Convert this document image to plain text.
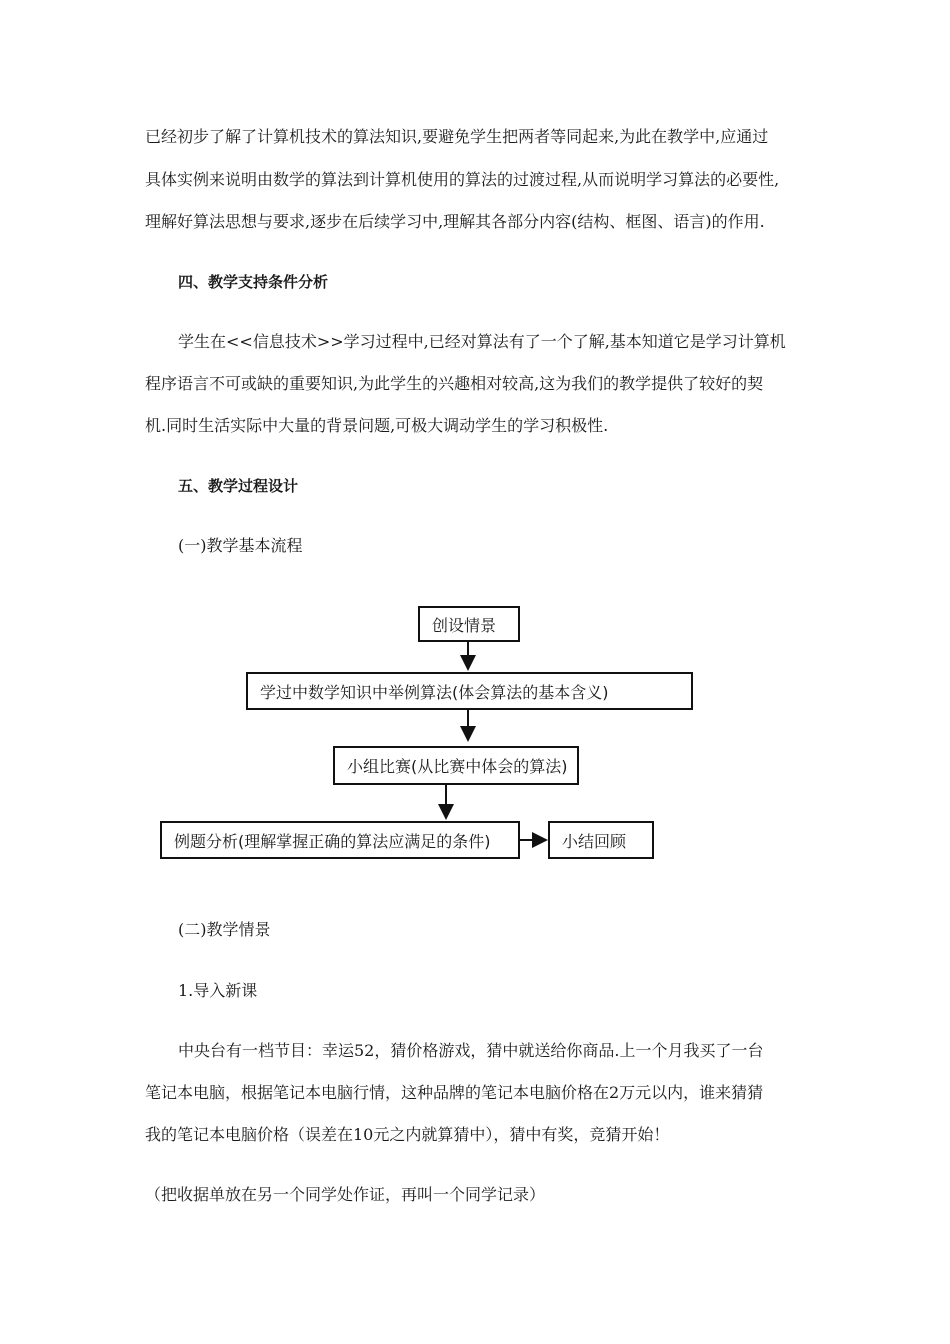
已经初步了解了计算机技术的算法知识,要避免学生把两者等同起来,为此在教学中,应通过
具体实例来说明由数学的算法到计算机使用的算法的过渡过程,从而说明学习算法的必要性,
理解好算法思想与要求,逐步在后续学习中,理解其各部分内容(结构、框图、语言)的作用.
四、教学支持条件分析
学生在<<信息技术>>学习过程中,已经对算法有了一个了解,基本知道它是学习计算机
程序语言不可或缺的重要知识,为此学生的兴趣相对较高,这为我们的教学提供了较好的契
机.同时生活实际中大量的背景问题,可极大调动学生的学习积极性.
五、教学过程设计
(一)教学基本流程
创设情景
学过中数学知识中举例算法(体会算法的基本含义)
小组比赛(从比赛中体会的算法)
例题分析(理解掌握正确的算法应满足的条件)	小结回顾
(二)教学情景
1.导入新课
中央台有一档节目：幸运52，猜价格游戏，猜中就送给你商品.上一个月我买了一台
笔记本电脑，根据笔记本电脑行情，这种品牌的笔记本电脑价格在2万元以内，谁来猜猜
我的笔记本电脑价格（误差在10元之内就算猜中），猜中有奖，竞猜开始！
（把收据单放在另一个同学处作证，再叫一个同学记录）
